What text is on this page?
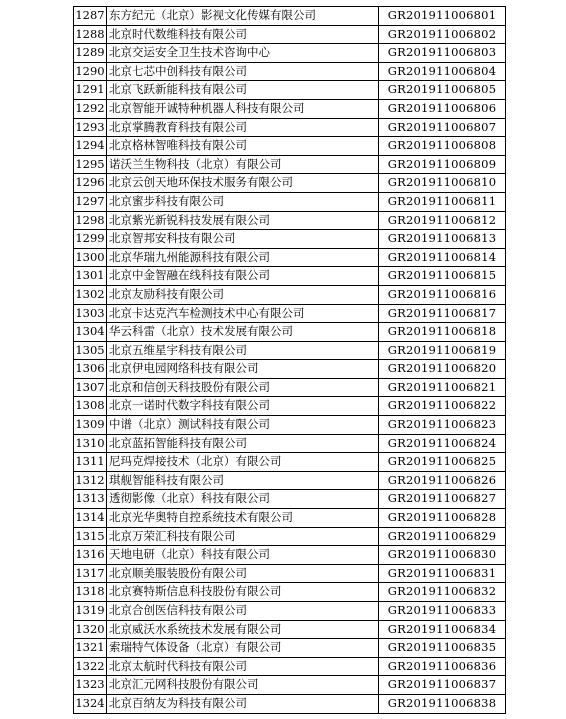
1287	东方纪元（北京）影视文化传媒有限公司	GR201911006801
1288	北京时代数维科技有限公司	GR201911006802
1289	北京交运安全卫生技术咨询中心	GR201911006803
1290	北京七芯中创科技有限公司	GR201911006804
1291	北京飞跃新能科技有限公司	GR201911006805
1292	北京智能开诚特种机器人科技有限公司	GR201911006806
1293	北京掌腾教育科技有限公司	GR201911006807
1294	北京格林智唯科技有限公司	GR201911006808
1295	诺沃兰生物科技（北京）有限公司	GR201911006809
1296	北京云创天地环保技术服务有限公司	GR201911006810
1297	北京蜜步科技有限公司	GR201911006811
1298	北京紫光新锐科技发展有限公司	GR201911006812
1299	北京智邦安科技有限公司	GR201911006813
1300	北京华瑞九州能源科技有限公司	GR201911006814
1301	北京中金智融在线科技有限公司	GR201911006815
1302	北京友励科技有限公司	GR201911006816
1303	北京卡达克汽车检测技术中心有限公司	GR201911006817
1304	华云科雷（北京）技术发展有限公司	GR201911006818
1305	北京五维星宇科技有限公司	GR201911006819
1306	北京伊电园网络科技有限公司	GR201911006820
1307	北京和信创天科技股份有限公司	GR201911006821
1308	北京一诺时代数字科技有限公司	GR201911006822
1309	中谱（北京）测试科技有限公司	GR201911006823
1310	北京蓝拓智能科技有限公司	GR201911006824
1311	尼玛克焊接技术（北京）有限公司	GR201911006825
1312	琪舰智能科技有限公司	GR201911006826
1313	透彻影像（北京）科技有限公司	GR201911006827
1314	北京光华奥特自控系统技术有限公司	GR201911006828
1315	北京万荣汇科技有限公司	GR201911006829
1316	天地电研（北京）科技有限公司	GR201911006830
1317	北京顺美服装股份有限公司	GR201911006831
1318	北京赛特斯信息科技股份有限公司	GR201911006832
1319	北京合创医信科技有限公司	GR201911006833
1320	北京威沃水系统技术发展有限公司	GR201911006834
1321	索瑞特气体设备（北京）有限公司	GR201911006835
1322	北京太航时代科技有限公司	GR201911006836
1323	北京汇元网科技股份有限公司	GR201911006837
1324	北京百纳友为科技有限公司	GR201911006838
